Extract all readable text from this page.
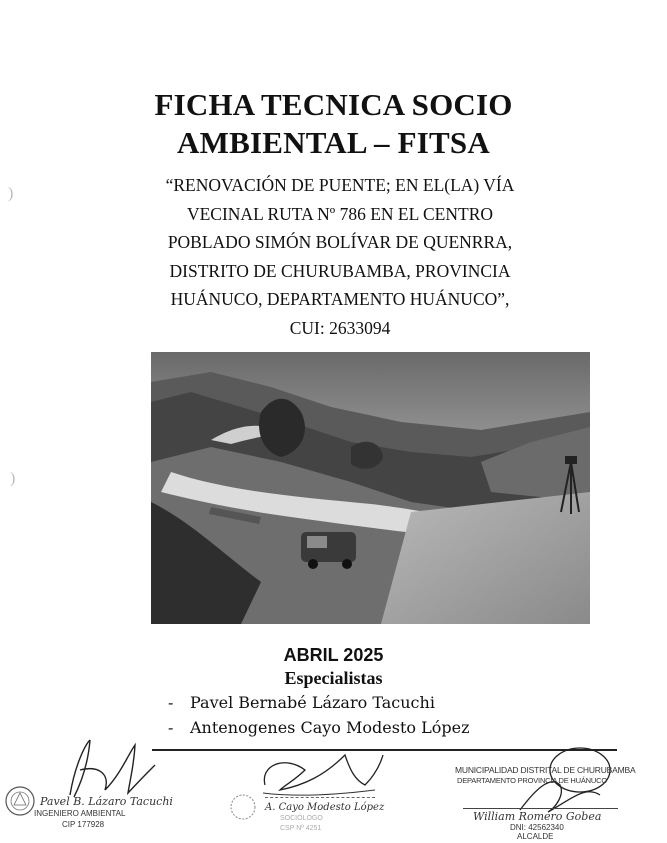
)
)
FICHA TECNICA SOCIO
AMBIENTAL – FITSA
“RENOVACIÓN DE PUENTE; EN EL(LA) VÍA
VECINAL RUTA Nº 786 EN EL CENTRO
POBLADO SIMÓN BOLÍVAR DE QUENRRA,
DISTRITO DE CHURUBAMBA, PROVINCIA
HUÁNUCO, DEPARTAMENTO HUÁNUCO”,
CUI: 2633094
ABRIL 2025
Especialistas
- Pavel Bernabé Lázaro Tacuchi
- Antenogenes Cayo Modesto López
Pavel B. Lázaro Tacuchi
INGENIERO AMBIENTAL
CIP 177928
A. Cayo Modesto López
SOCIÓLOGO
CSP Nº 4251
MUNICIPALIDAD DISTRITAL DE CHURUBAMBA
DEPARTAMENTO PROVINCIA DE HUÁNUCO
William Romero Gobea
DNI: 42562340
ALCALDE
